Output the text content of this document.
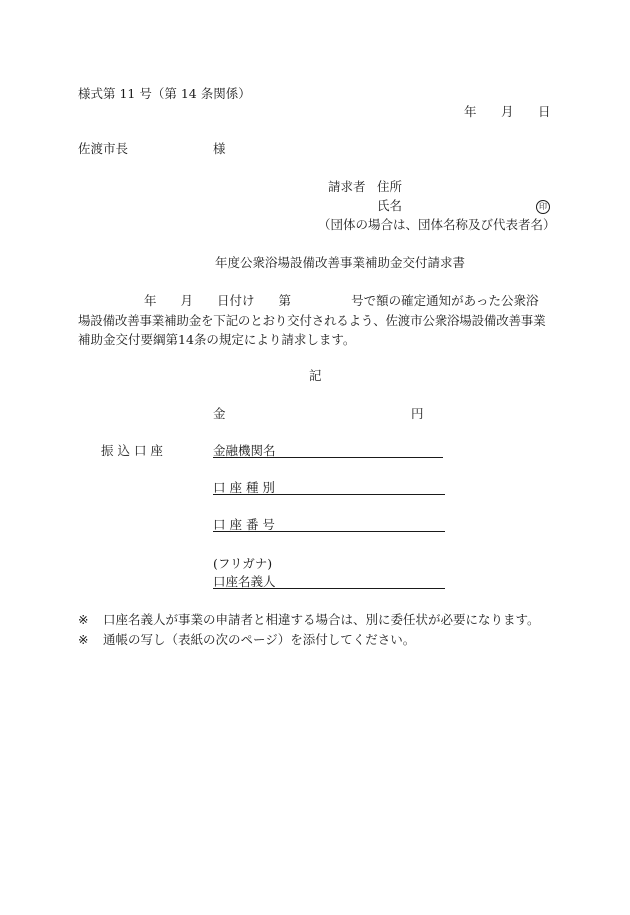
様式第 11 号（第 14 条関係）
年 月 日
佐渡市長	様
請求者 住所
氏名	印
（団体の場合は、団体名称及び代表者名）
年度公衆浴場設備改善事業補助金交付請求書
年 月 日付け 第	号で額の確定通知があった公衆浴
場設備改善事業補助金を下記のとおり交付されるよう、佐渡市公衆浴場設備改善事業
補助金交付要綱第14条の規定により請求します。
記
金	円
振 込 口 座	金融機関名
口 座 種 別
口 座 番 号
(フリガナ)
口座名義人
※ 口座名義人が事業の申請者と相違する場合は、別に委任状が必要になります。
※ 通帳の写し（表紙の次のページ）を添付してください。
